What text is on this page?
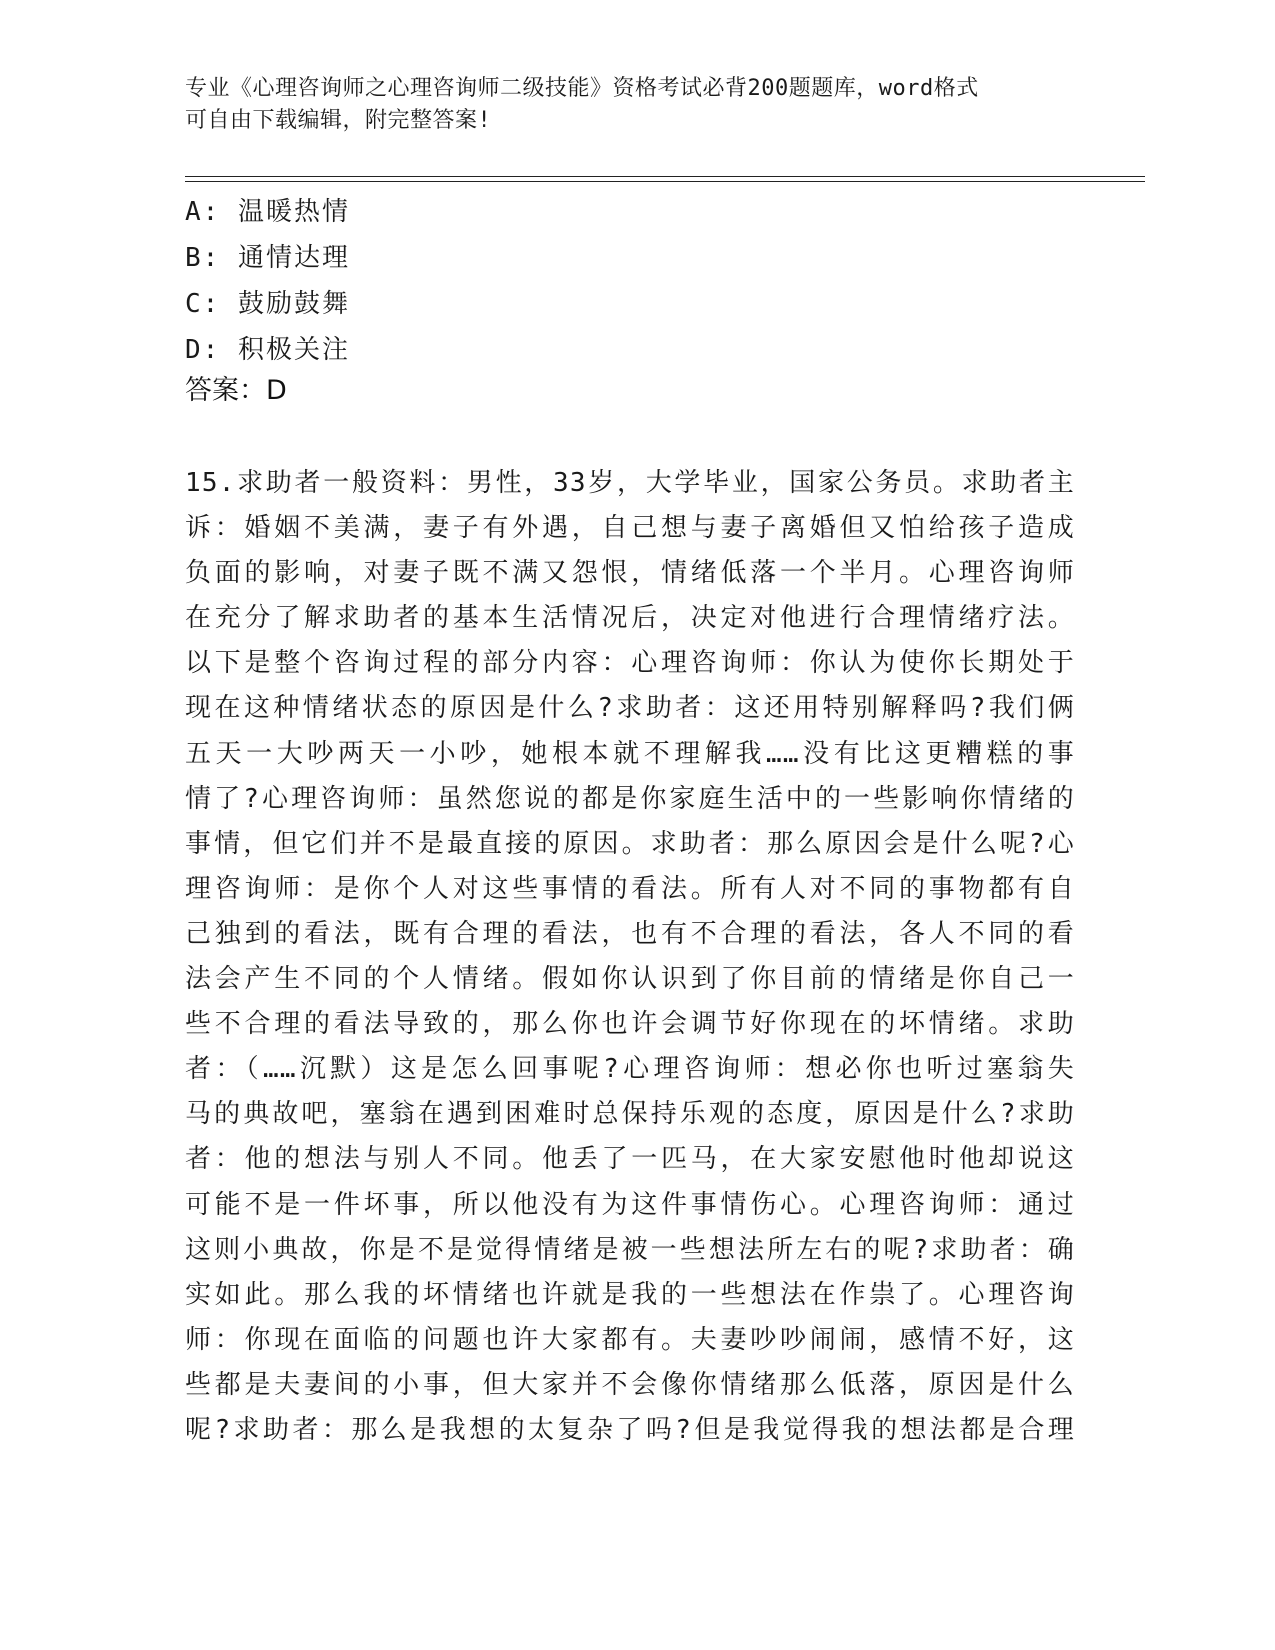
专业《心理咨询师之心理咨询师二级技能》资格考试必背200题题库，word格式
可自由下载编辑，附完整答案!
A: 温暖热情
B: 通情达理
C: 鼓励鼓舞
D: 积极关注
答案：D
15.求助者一般资料：男性，33岁，大学毕业，国家公务员。求助者主
诉：婚姻不美满，妻子有外遇，自己想与妻子离婚但又怕给孩子造成
负面的影响，对妻子既不满又怨恨，情绪低落一个半月。心理咨询师
在充分了解求助者的基本生活情况后，决定对他进行合理情绪疗法。
以下是整个咨询过程的部分内容：心理咨询师：你认为使你长期处于
现在这种情绪状态的原因是什么?求助者：这还用特别解释吗?我们俩
五天一大吵两天一小吵，她根本就不理解我……没有比这更糟糕的事
情了?心理咨询师：虽然您说的都是你家庭生活中的一些影响你情绪的
事情，但它们并不是最直接的原因。求助者：那么原因会是什么呢?心
理咨询师：是你个人对这些事情的看法。所有人对不同的事物都有自
己独到的看法，既有合理的看法，也有不合理的看法，各人不同的看
法会产生不同的个人情绪。假如你认识到了你目前的情绪是你自己一
些不合理的看法导致的，那么你也许会调节好你现在的坏情绪。求助
者：（……沉默）这是怎么回事呢?心理咨询师：想必你也听过塞翁失
马的典故吧，塞翁在遇到困难时总保持乐观的态度，原因是什么?求助
者：他的想法与别人不同。他丢了一匹马，在大家安慰他时他却说这
可能不是一件坏事，所以他没有为这件事情伤心。心理咨询师：通过
这则小典故，你是不是觉得情绪是被一些想法所左右的呢?求助者：确
实如此。那么我的坏情绪也许就是我的一些想法在作祟了。心理咨询
师：你现在面临的问题也许大家都有。夫妻吵吵闹闹，感情不好，这
些都是夫妻间的小事，但大家并不会像你情绪那么低落，原因是什么
呢?求助者：那么是我想的太复杂了吗?但是我觉得我的想法都是合理
